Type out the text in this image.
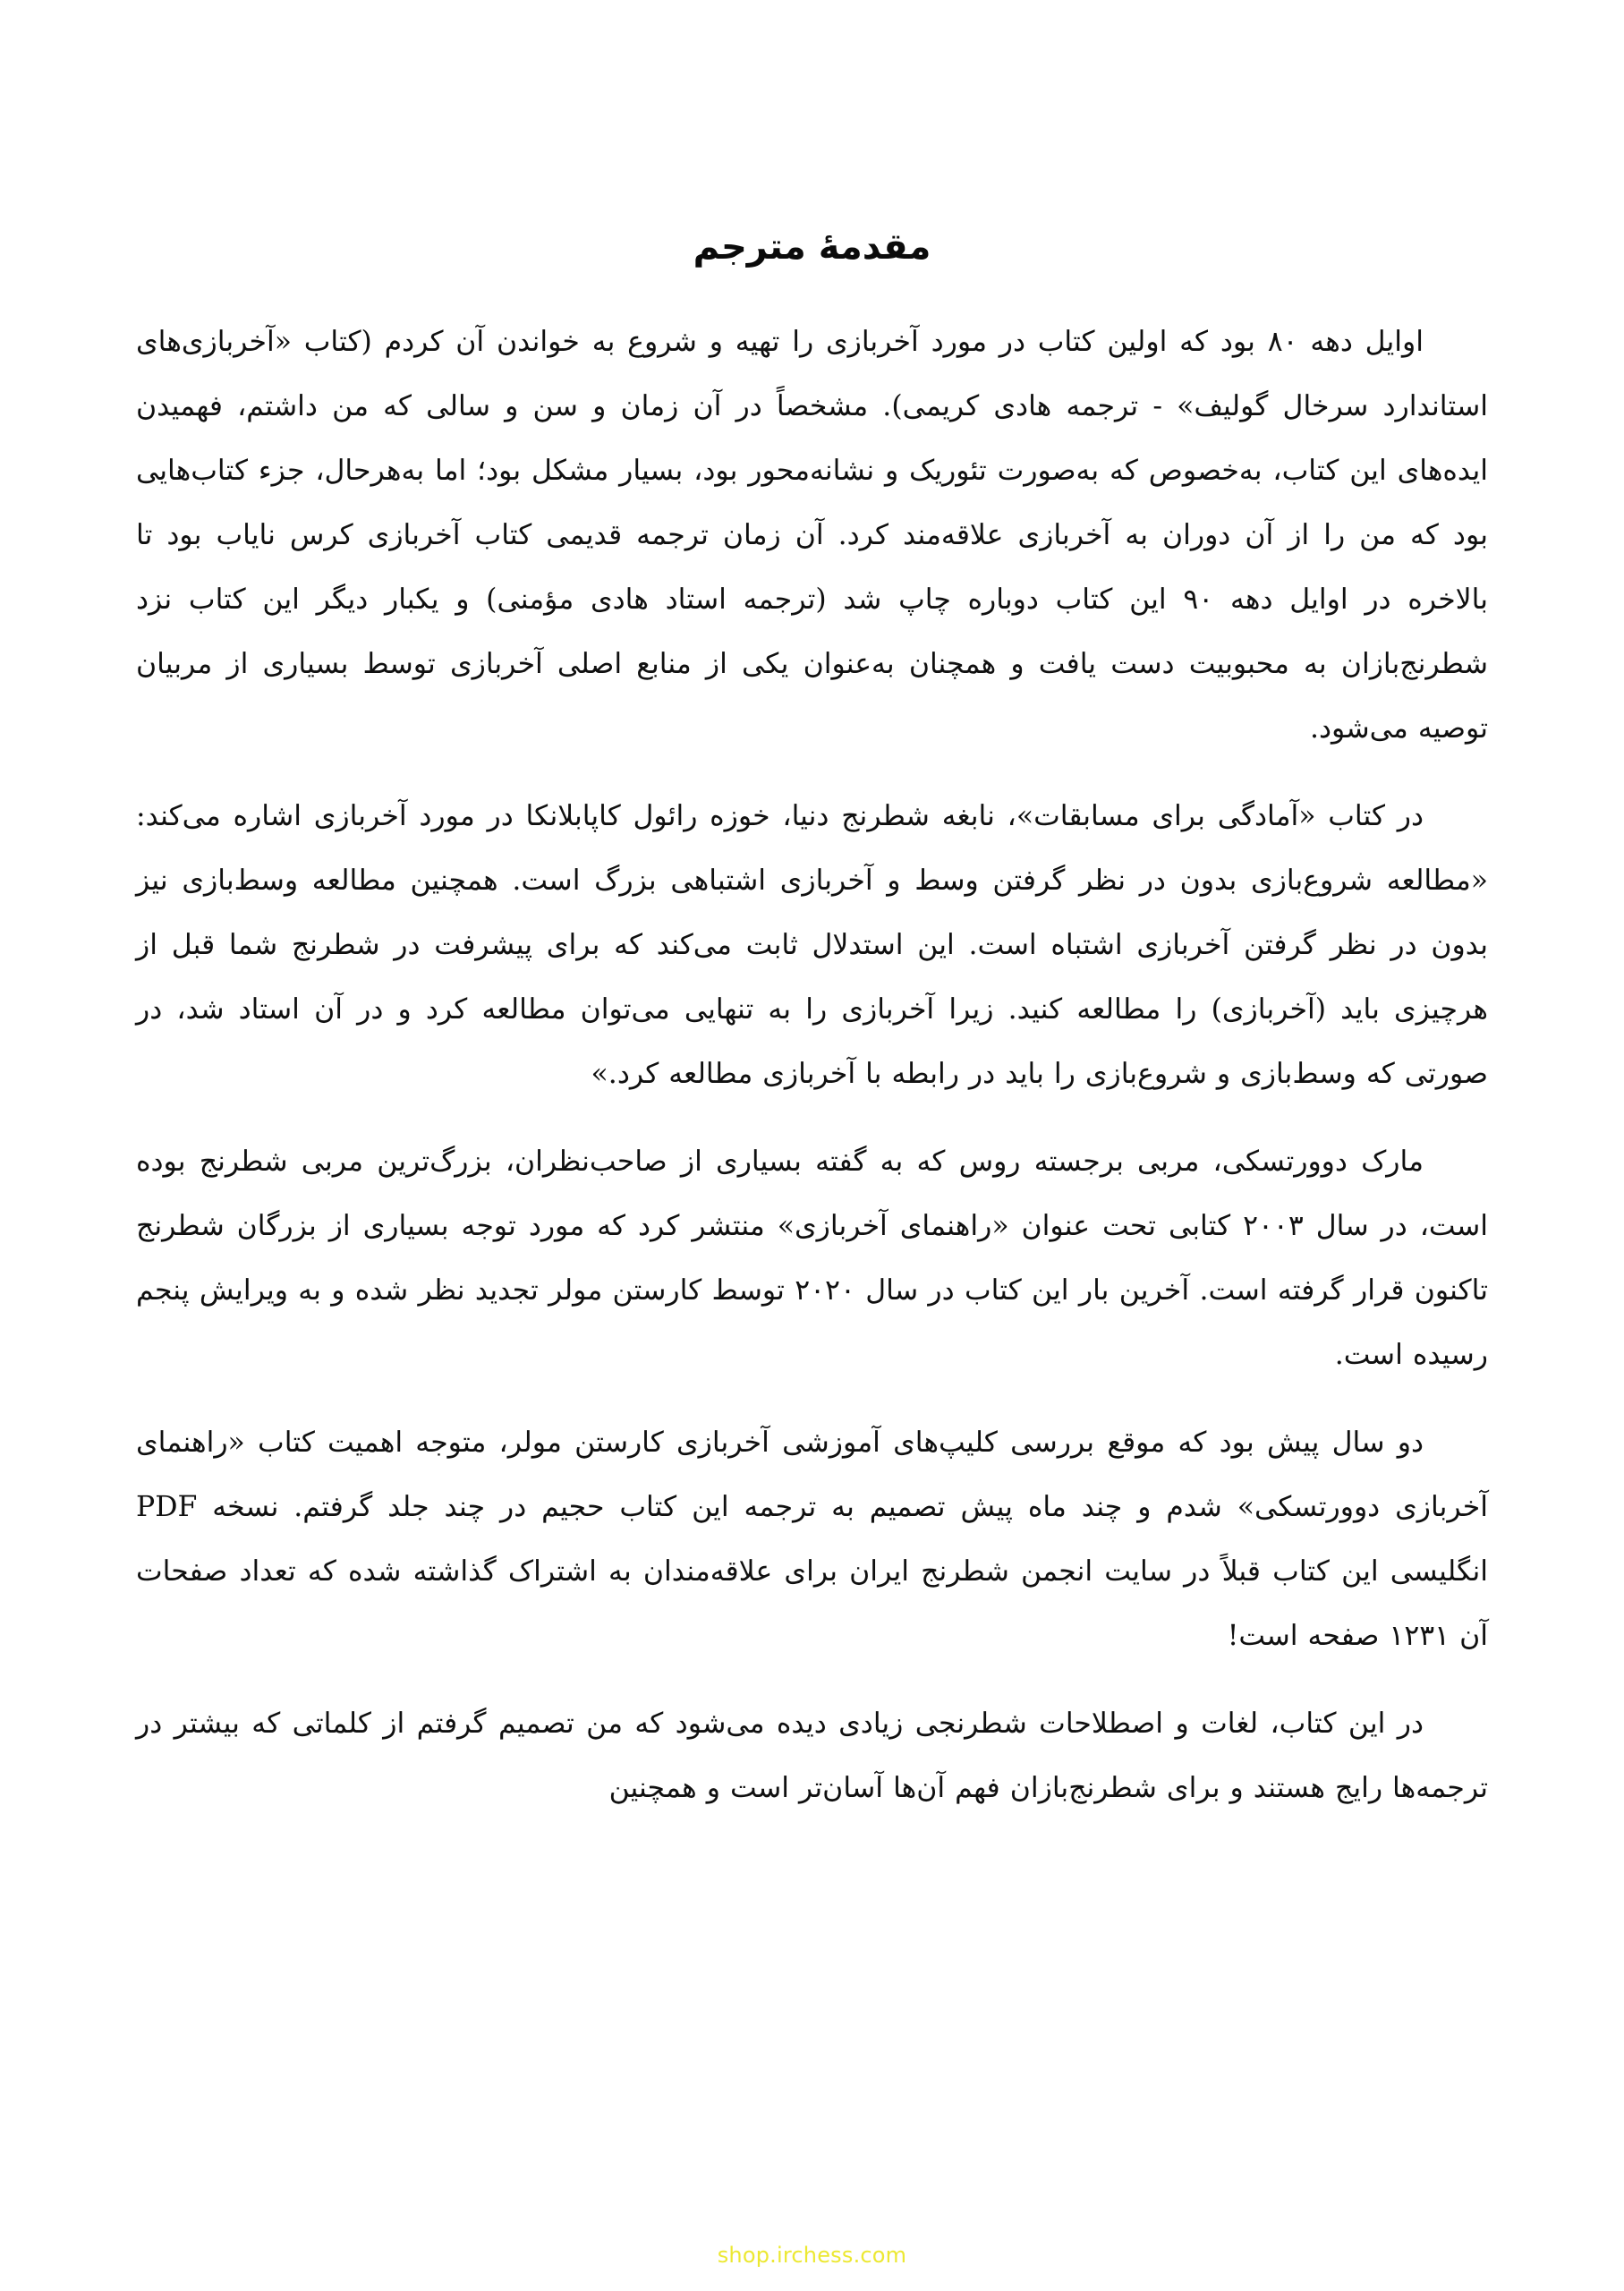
مقدمهٔ مترجم

اوایل دهه ۸۰ بود که اولین کتاب در مورد آخربازی را تهیه و شروع به خواندن آن کردم (کتاب «آخربازی‌های استاندارد سرخال گولیف» - ترجمه هادی کریمی). مشخصاً در آن زمان و سن و سالی که من داشتم، فهمیدن ایده‌های این کتاب، به‌خصوص که به‌صورت تئوریک و نشانه‌محور بود، بسیار مشکل بود؛ اما به‌هرحال، جزء کتاب‌هایی بود که من را از آن دوران به آخربازی علاقه‌مند کرد. آن زمان ترجمه قدیمی کتاب آخربازی کرس نایاب بود تا بالاخره در اوایل دهه ۹۰ این کتاب دوباره چاپ شد (ترجمه استاد هادی مؤمنی) و یکبار دیگر این کتاب نزد شطرنج‌بازان به محبوبیت دست یافت و همچنان به‌عنوان یکی از منابع اصلی آخربازی توسط بسیاری از مربیان توصیه می‌شود.

در کتاب «آمادگی برای مسابقات»، نابغه شطرنج دنیا، خوزه رائول کاپابلانکا در مورد آخربازی اشاره می‌کند: «مطالعه شروع‌بازی بدون در نظر گرفتن وسط و آخربازی اشتباهی بزرگ است. همچنین مطالعه وسط‌بازی نیز بدون در نظر گرفتن آخربازی اشتباه است. این استدلال ثابت می‌کند که برای پیشرفت در شطرنج شما قبل از هرچیزی باید (آخربازی) را مطالعه کنید. زیرا آخربازی را به تنهایی می‌توان مطالعه کرد و در آن استاد شد، در صورتی که وسط‌بازی و شروع‌بازی را باید در رابطه با آخربازی مطالعه کرد.»

مارک دوورتسکی، مربی برجسته روس که به گفته بسیاری از صاحب‌نظران، بزرگ‌ترین مربی شطرنج بوده است، در سال ۲۰۰۳ کتابی تحت عنوان «راهنمای آخربازی» منتشر کرد که مورد توجه بسیاری از بزرگان شطرنج تاکنون قرار گرفته است. آخرین بار این کتاب در سال ۲۰۲۰ توسط کارستن مولر تجدید نظر شده و به ویرایش پنجم رسیده است.

دو سال پیش بود که موقع بررسی کلیپ‌های آموزشی آخربازی کارستن مولر، متوجه اهمیت کتاب «راهنمای آخربازی دوورتسکی» شدم و چند ماه پیش تصمیم به ترجمه این کتاب حجیم در چند جلد گرفتم. نسخه PDF انگلیسی این کتاب قبلاً در سایت انجمن شطرنج ایران برای علاقه‌مندان به اشتراک گذاشته شده که تعداد صفحات آن ۱۲۳۱ صفحه است!

در این کتاب، لغات و اصطلاحات شطرنجی زیادی دیده می‌شود که من تصمیم گرفتم از کلماتی که بیشتر در ترجمه‌ها رایج هستند و برای شطرنج‌بازان فهم آن‌ها آسان‌تر است و همچنین

shop.irchess.com
